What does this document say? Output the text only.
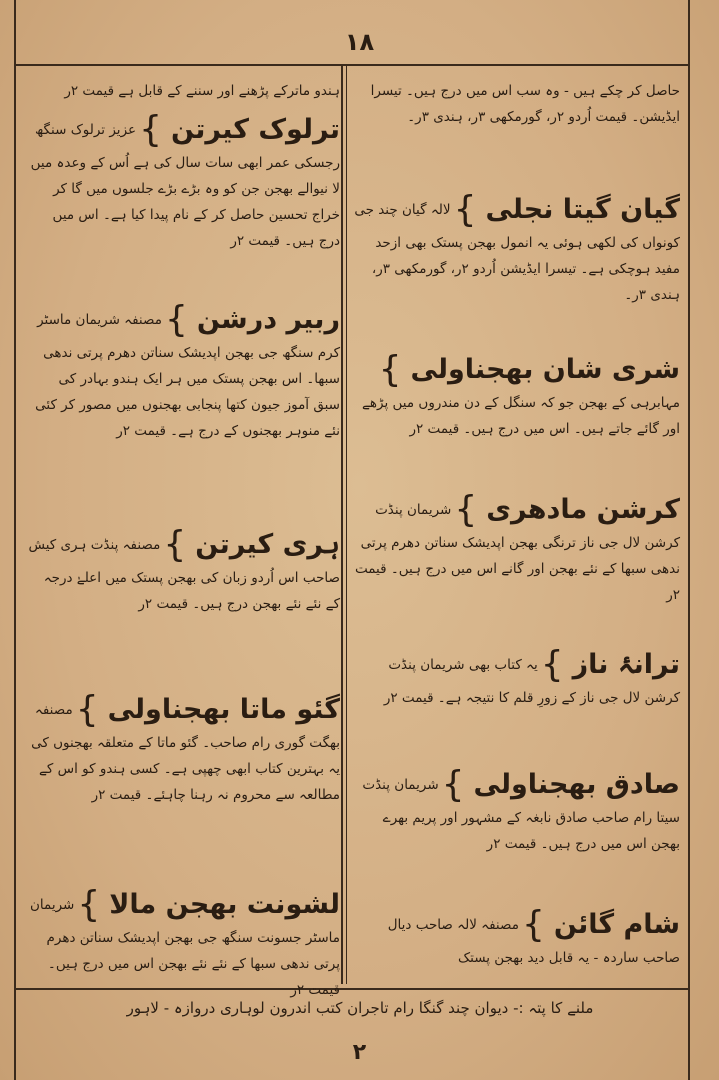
۱۸

حاصل کر چکے ہیں - وہ سب اس میں درج ہیں۔ تیسرا ایڈیشن۔ قیمت اُردو ۲ر، گورمکھی ۳ر، ہندی ۳ر۔

گیان گیتا نجلی}لالہ گیان چند جی کونواں کی لکھی ہوئی یہ انمول بھجن پستک بھی ازحد مفید ہوچکی ہے۔ تیسرا ایڈیشن اُردو ۲ر، گورمکھی ۳ر، ہندی ۳ر۔

شری شان بھجناولی}مہابرہی کے بھجن جو کہ سنگل کے دن مندروں میں پڑھے اور گائے جاتے ہیں۔ اس میں درج ہیں۔ قیمت ۲ر

کرشن مادھری}شریمان پنڈت کرشن لال جی ناز ترنگی بھجن اپدیشک سناتن دھرم پرتی ندھی سبھا کے نئے بھجن اور گانے اس میں درج ہیں۔ قیمت ۲ر

ترانۂ ناز}یہ کتاب بھی شریمان پنڈت کرشن لال جی ناز کے زورِ قلم کا نتیجہ ہے۔ قیمت ۲ر

صادق بھجناولی}شریمان پنڈت سیتا رام صاحب صادق نابغہ کے مشہور اور پریم بھرے بھجن اس میں درج ہیں۔ قیمت ۲ر

شام گائن}مصنفہ لالہ صاحب دیال صاحب ساردہ - یہ قابل دید بھجن پستک

ہندو ماترکے پڑھنے اور سننے کے قابل ہے قیمت ۲ر

ترلوک کیرتن}عزیز ترلوک سنگھ رجسکی عمر ابھی سات سال کی ہے اُس کے وعدہ میں لا نیوالے بھجن جن کو وہ بڑے بڑے جلسوں میں گا کر خراج تحسین حاصل کر کے نام پیدا کیا ہے۔ اس میں درج ہیں۔ قیمت ۲ر

ربیر درشن}مصنفہ شریمان ماسٹر کرم سنگھ جی بھجن اپدیشک سناتن دھرم پرتی ندھی سبھا۔ اس بھجن پستک میں ہر ایک ہندو بہادر کی سبق آموز جیون کتھا پنجابی بھجنوں میں مصور کر کئی نئے منوہر بھجنوں کے درج ہے۔ قیمت ۲ر

ہری کیرتن}مصنفہ پنڈت ہری کیش صاحب اس اُردو زبان کی بھجن پستک میں اعلےٰ درجہ کے نئے نئے بھجن درج ہیں۔ قیمت ۲ر

گئو ماتا بھجناولی}مصنفہ بھگت گوری رام صاحب۔ گئو ماتا کے متعلقہ بھجنوں کی یہ بہترین کتاب ابھی چھپی ہے۔ کسی ہندو کو اس کے مطالعہ سے محروم نہ رہنا چاہئے۔ قیمت ۲ر

لشونت بھجن مالا}شریمان ماسٹر جسونت سنگھ جی بھجن اپدیشک سناتن دھرم پرتی ندھی سبھا کے نئے نئے بھجن اس میں درج ہیں۔ قیمت ۲ر

ملنے کا پتہ :- دیوان چند گنگا رام تاجران کتب اندرون لوہاری دروازہ - لاہور
۲
